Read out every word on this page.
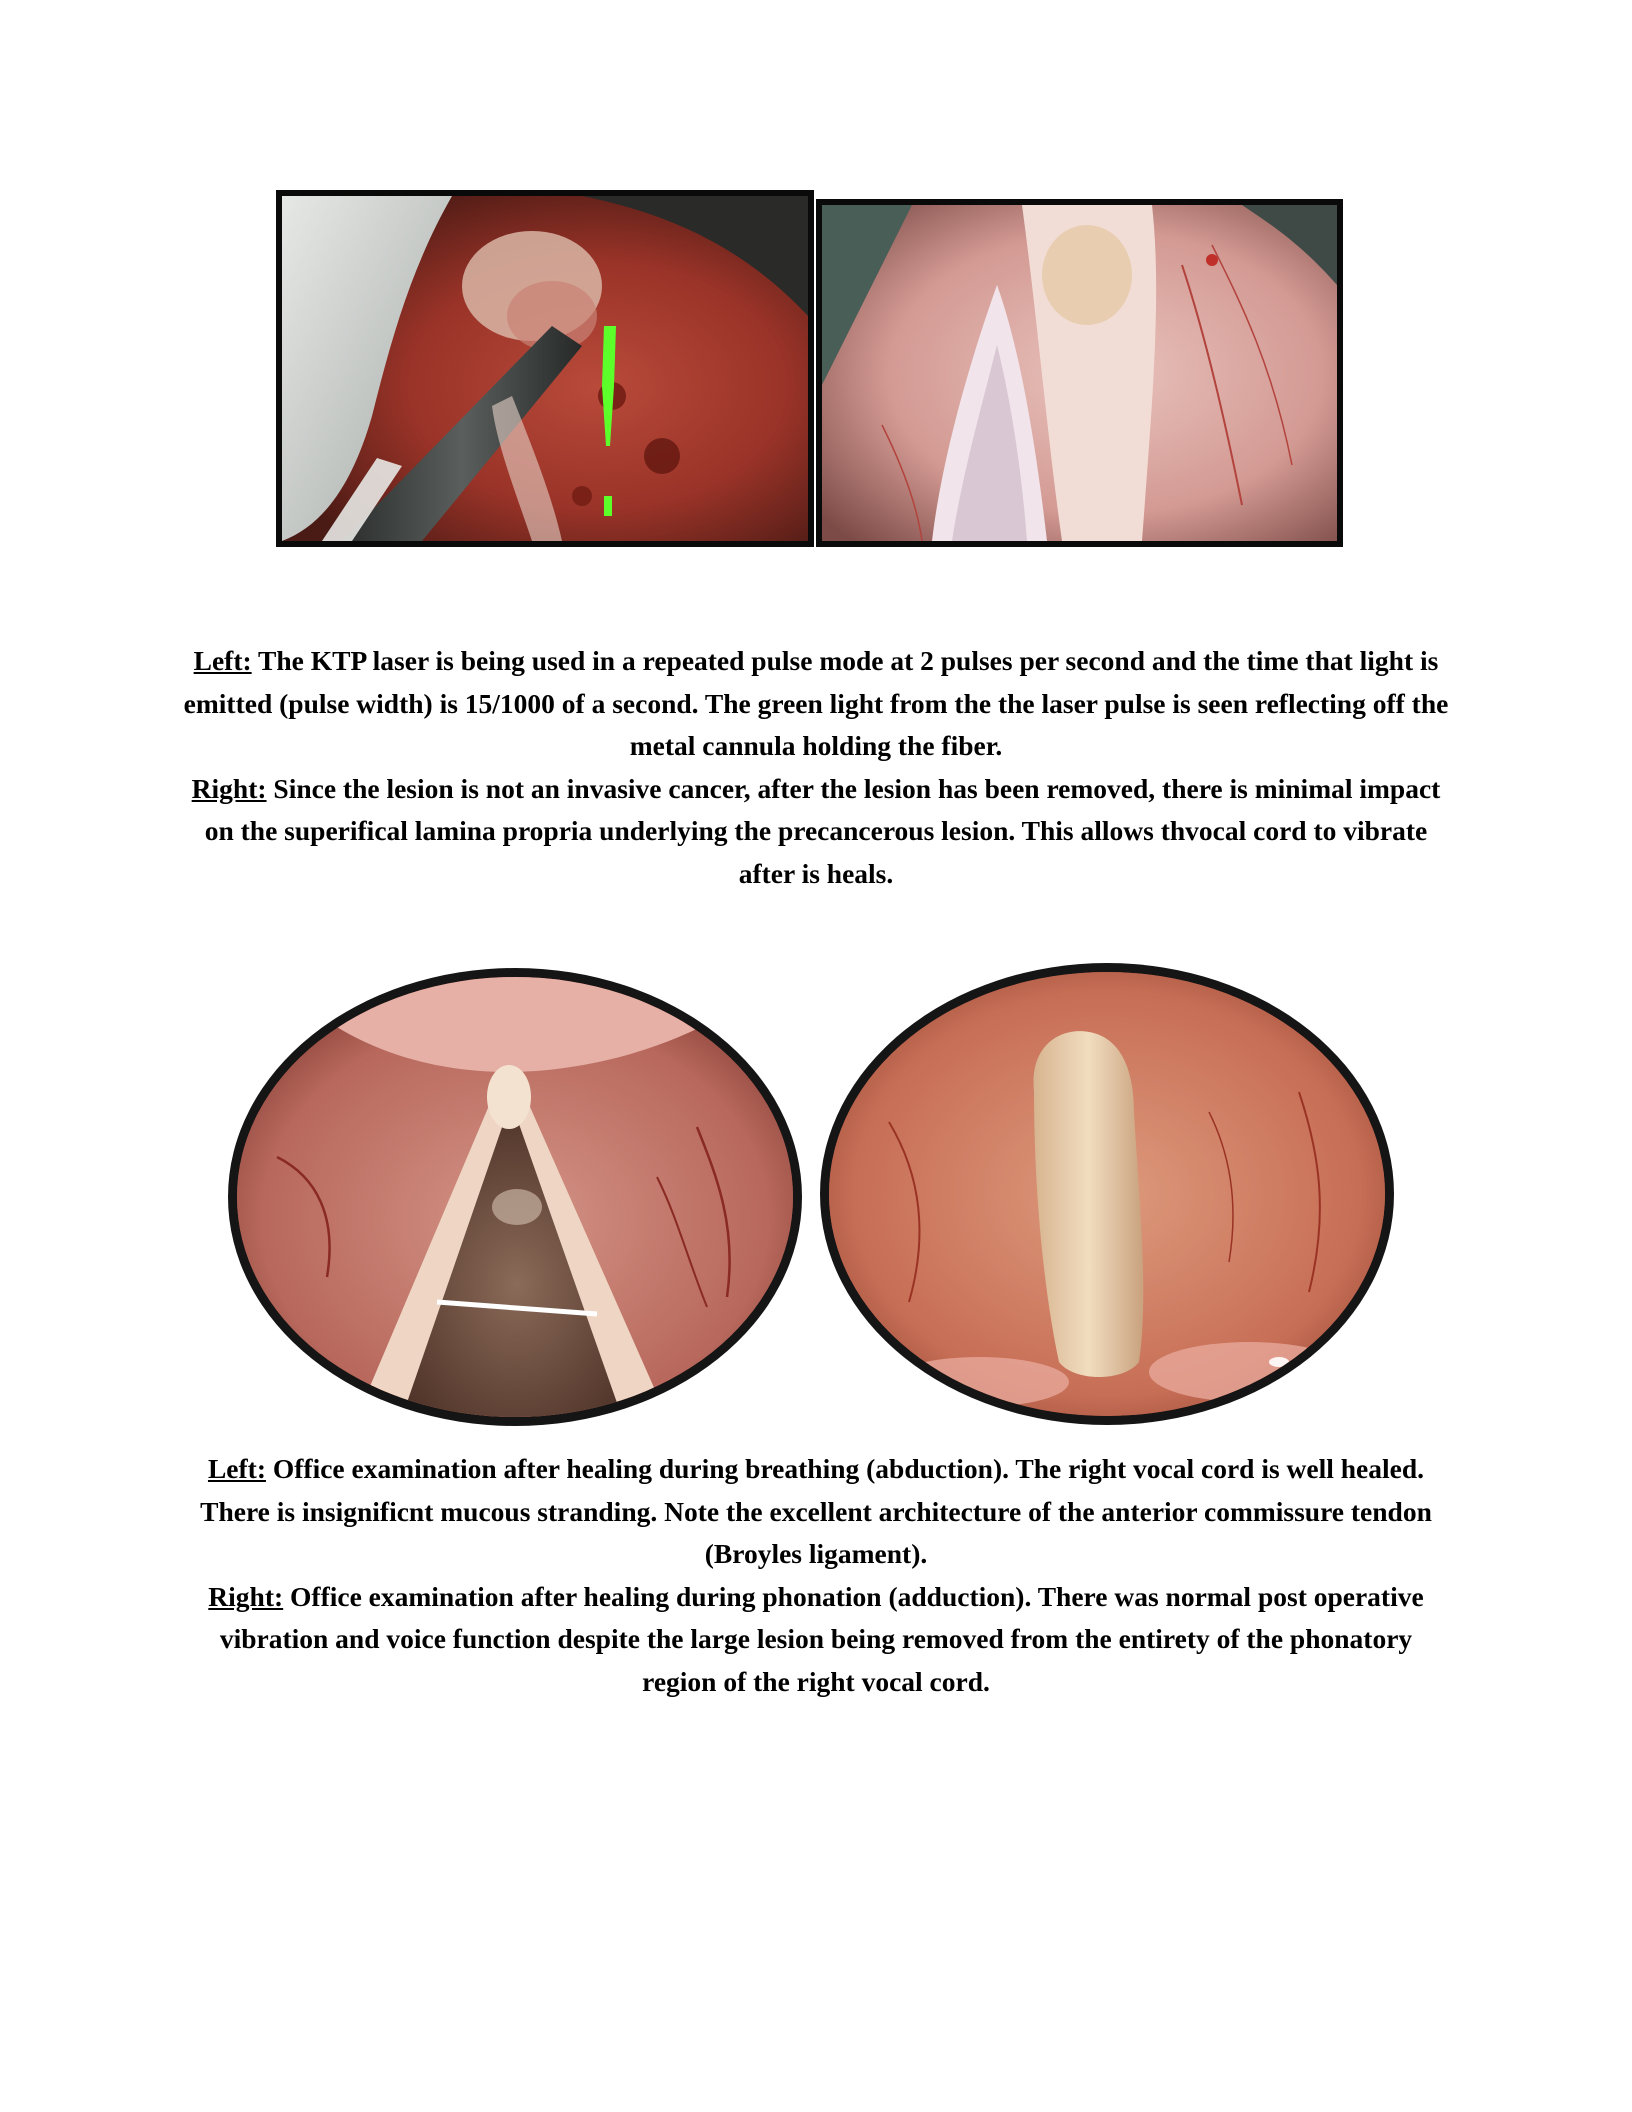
Left: The KTP laser is being used in a repeated pulse mode at 2 pulses per second and the time that light is emitted (pulse width) is 15/1000 of a second. The green light from the the laser pulse is seen reflecting off the metal cannula holding the fiber.

Right: Since the lesion is not an invasive cancer, after the lesion has been removed, there is minimal impact on the superifical lamina propria underlying the precancerous lesion. This allows thvocal cord to vibrate after is heals.

Left: Office examination after healing during breathing (abduction). The right vocal cord is well healed. There is insignificnt mucous stranding. Note the excellent architecture of the anterior commissure tendon (Broyles ligament).

Right: Office examination after healing during phonation (adduction). There was normal post operative vibration and voice function despite the large lesion being removed from the entirety of the phonatory region of the right vocal cord.
